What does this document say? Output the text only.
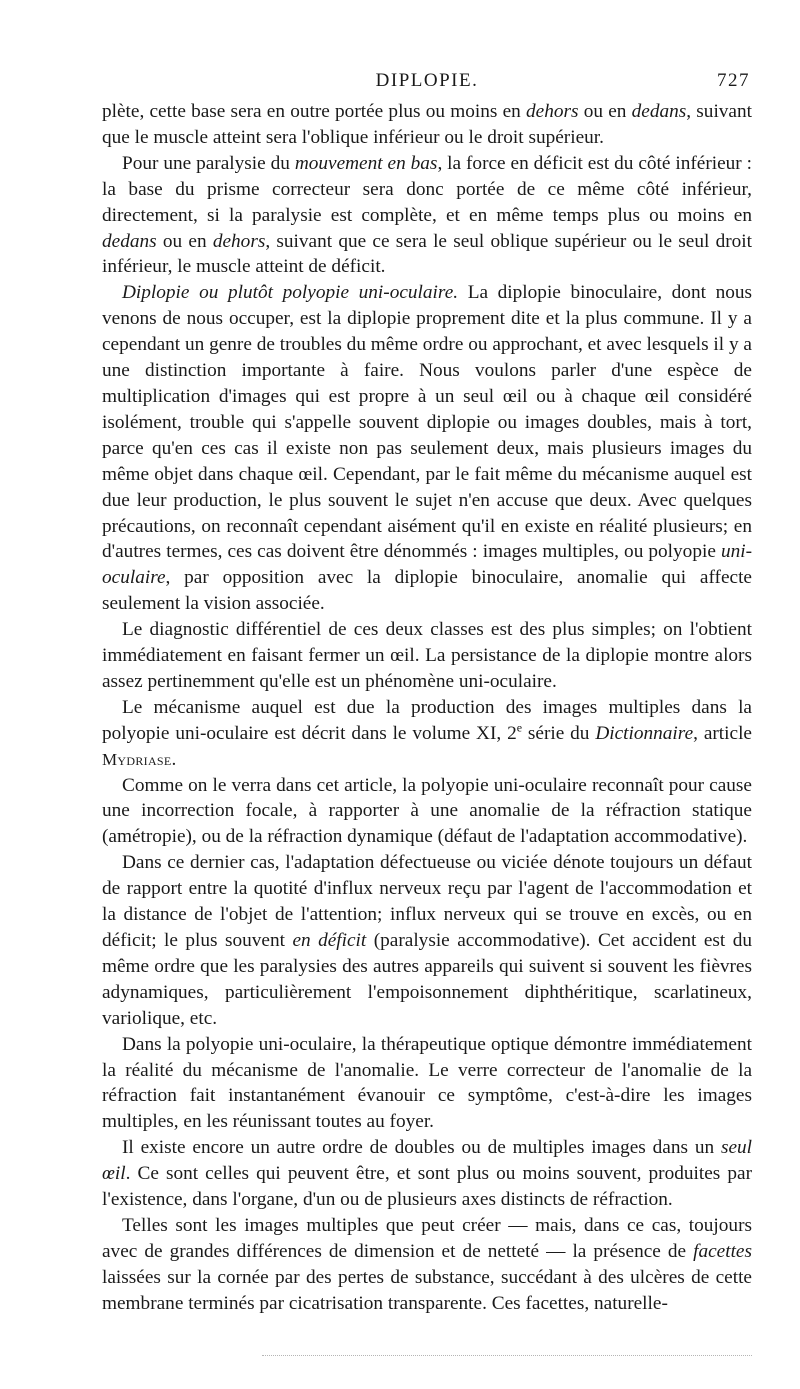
DIPLOPIE.	727

plète, cette base sera en outre portée plus ou moins en dehors ou en dedans, suivant que le muscle atteint sera l'oblique inférieur ou le droit supérieur.

Pour une paralysie du mouvement en bas, la force en déficit est du côté inférieur : la base du prisme correcteur sera donc portée de ce même côté inférieur, directement, si la paralysie est complète, et en même temps plus ou moins en dedans ou en dehors, suivant que ce sera le seul oblique supérieur ou le seul droit inférieur, le muscle atteint de déficit.

Diplopie ou plutôt polyopie uni-oculaire. La diplopie binoculaire, dont nous venons de nous occuper, est la diplopie proprement dite et la plus commune. Il y a cependant un genre de troubles du même ordre ou approchant, et avec lesquels il y a une distinction importante à faire. Nous voulons parler d'une espèce de multiplication d'images qui est propre à un seul œil ou à chaque œil considéré isolément, trouble qui s'appelle souvent diplopie ou images doubles, mais à tort, parce qu'en ces cas il existe non pas seulement deux, mais plusieurs images du même objet dans chaque œil. Cependant, par le fait même du mécanisme auquel est due leur production, le plus souvent le sujet n'en accuse que deux. Avec quelques précautions, on reconnaît cependant aisément qu'il en existe en réalité plusieurs; en d'autres termes, ces cas doivent être dénommés : images multiples, ou polyopie uni-oculaire, par opposition avec la diplopie binoculaire, anomalie qui affecte seulement la vision associée.

Le diagnostic différentiel de ces deux classes est des plus simples; on l'obtient immédiatement en faisant fermer un œil. La persistance de la diplopie montre alors assez pertinemment qu'elle est un phénomène uni-oculaire.

Le mécanisme auquel est due la production des images multiples dans la polyopie uni-oculaire est décrit dans le volume XI, 2e série du Dictionnaire, article Mydriase.

Comme on le verra dans cet article, la polyopie uni-oculaire reconnaît pour cause une incorrection focale, à rapporter à une anomalie de la réfraction statique (amétropie), ou de la réfraction dynamique (défaut de l'adaptation accommodative).

Dans ce dernier cas, l'adaptation défectueuse ou viciée dénote toujours un défaut de rapport entre la quotité d'influx nerveux reçu par l'agent de l'accommodation et la distance de l'objet de l'attention; influx nerveux qui se trouve en excès, ou en déficit; le plus souvent en déficit (paralysie accommodative). Cet accident est du même ordre que les paralysies des autres appareils qui suivent si souvent les fièvres adynamiques, particulièrement l'empoisonnement diphthéritique, scarlatineux, variolique, etc.

Dans la polyopie uni-oculaire, la thérapeutique optique démontre immédiatement la réalité du mécanisme de l'anomalie. Le verre correcteur de l'anomalie de la réfraction fait instantanément évanouir ce symptôme, c'est-à-dire les images multiples, en les réunissant toutes au foyer.

Il existe encore un autre ordre de doubles ou de multiples images dans un seul œil. Ce sont celles qui peuvent être, et sont plus ou moins souvent, produites par l'existence, dans l'organe, d'un ou de plusieurs axes distincts de réfraction.

Telles sont les images multiples que peut créer — mais, dans ce cas, toujours avec de grandes différences de dimension et de netteté — la présence de facettes laissées sur la cornée par des pertes de substance, succédant à des ulcères de cette membrane terminés par cicatrisation transparente. Ces facettes, naturelle-
